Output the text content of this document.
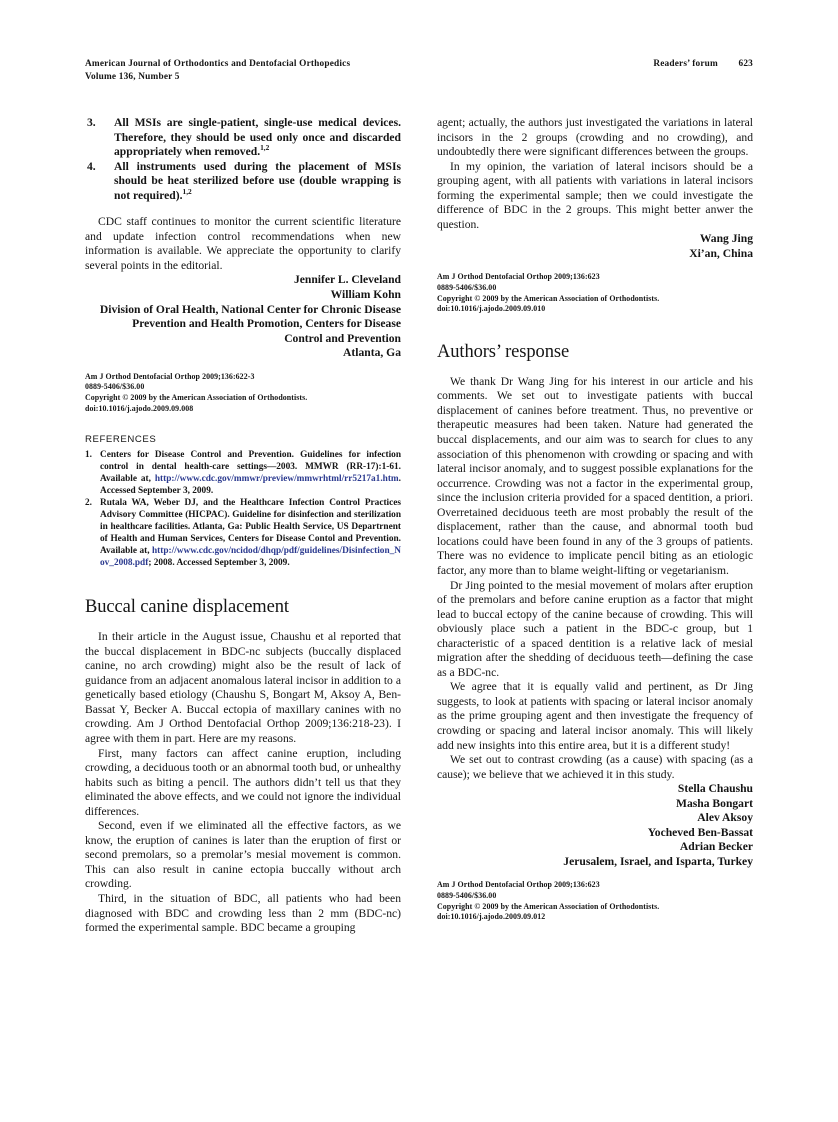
American Journal of Orthodontics and Dentofacial Orthopedics	Readers’ forum 623
Volume 136, Number 5
3. All MSIs are single-patient, single-use medical devices. Therefore, they should be used only once and discarded appropriately when removed.$^{1,2}$
4. All instruments used during the placement of MSIs should be heat sterilized before use (double wrapping is not required).$^{1,2}$

CDC staff continues to monitor the current scientific literature and update infection control recommendations when new information is available. We appreciate the opportunity to clarify several points in the editorial.

Jennifer L. Cleveland
William Kohn
Division of Oral Health, National Center for Chronic Disease
Prevention and Health Promotion, Centers for Disease
Control and Prevention
Atlanta, Ga
Am J Orthod Dentofacial Orthop 2009;136:622-3
0889-5406/$36.00
Copyright © 2009 by the American Association of Orthodontists.
doi:10.1016/j.ajodo.2009.09.008
REFERENCES
1. Centers for Disease Control and Prevention. Guidelines for infection control in dental health-care settings—2003. MMWR (RR-17):1-61. Available at, http://www.cdc.gov/mmwr/preview/mmwrhtml/rr5217a1.htm. Accessed September 3, 2009.
2. Rutala WA, Weber DJ, and the Healthcare Infection Control Practices Advisory Committee (HICPAC). Guideline for disinfection and sterilization in healthcare facilities. Atlanta, Ga: Public Health Service, US Departrnent of Health and Human Services, Centers for Disease Contol and Prevention. Available at, http://www.cdc.gov/ncidod/dhqp/pdf/guidelines/Disinfection_Nov_2008.pdf; 2008. Accessed September 3, 2009.
Buccal canine displacement

In their article in the August issue, Chaushu et al reported that the buccal displacement in BDC-nc subjects (buccally displaced canine, no arch crowding) might also be the result of lack of guidance from an adjacent anomalous lateral incisor in addition to a genetically based etiology (Chaushu S, Bongart M, Aksoy A, Ben-Bassat Y, Becker A. Buccal ectopia of maxillary canines with no crowding. Am J Orthod Dentofacial Orthop 2009;136:218-23). I agree with them in part. Here are my reasons.

First, many factors can affect canine eruption, including crowding, a deciduous tooth or an abnormal tooth bud, or unhealthy habits such as biting a pencil. The authors didn’t tell us that they eliminated the above effects, and we could not ignore the individual differences.

Second, even if we eliminated all the effective factors, as we know, the eruption of canines is later than the eruption of first or second premolars, so a premolar’s mesial movement is common. This can also result in canine ectopia buccally without arch crowding.

Third, in the situation of BDC, all patients who had been diagnosed with BDC and crowding less than 2 mm (BDC-nc) formed the experimental sample. BDC became a grouping

agent; actually, the authors just investigated the variations in lateral incisors in the 2 groups (crowding and no crowding), and undoubtedly there were significant differences between the groups.

In my opinion, the variation of lateral incisors should be a grouping agent, with all patients with variations in lateral incisors forming the experimental sample; then we could investigate the difference of BDC in the 2 groups. This might better anwer the question.

Wang Jing
Xi’an, China
Am J Orthod Dentofacial Orthop 2009;136:623
0889-5406/$36.00
Copyright © 2009 by the American Association of Orthodontists.
doi:10.1016/j.ajodo.2009.09.010
Authors’ response

We thank Dr Wang Jing for his interest in our article and his comments. We set out to investigate patients with buccal displacement of canines before treatment. Thus, no preventive or therapeutic measures had been taken. Nature had generated the buccal displacements, and our aim was to search for clues to any association of this phenomenon with crowding or spacing and with lateral incisor anomaly, and to suggest possible explanations for the occurrence. Crowding was not a factor in the experimental group, since the inclusion criteria provided for a spaced dentition, a priori. Overretained deciduous teeth are most probably the result of the displacement, rather than the cause, and abnormal tooth bud locations could have been found in any of the 3 groups of patients. There was no evidence to implicate pencil biting as an etiologic factor, any more than to blame weight-lifting or vegetarianism.

Dr Jing pointed to the mesial movement of molars after eruption of the premolars and before canine eruption as a factor that might lead to buccal ectopy of the canine because of crowding. This will obviously place such a patient in the BDC-c group, but 1 characteristic of a spaced dentition is a relative lack of mesial migration after the shedding of deciduous teeth—defining the case as a BDC-nc.

We agree that it is equally valid and pertinent, as Dr Jing suggests, to look at patients with spacing or lateral incisor anomaly as the prime grouping agent and then investigate the frequency of crowding or spacing and lateral incisor anomaly. This will likely add new insights into this entire area, but it is a different study!

We set out to contrast crowding (as a cause) with spacing (as a cause); we believe that we achieved it in this study.

Stella Chaushu
Masha Bongart
Alev Aksoy
Yocheved Ben-Bassat
Adrian Becker
Jerusalem, Israel, and Isparta, Turkey
Am J Orthod Dentofacial Orthop 2009;136:623
0889-5406/$36.00
Copyright © 2009 by the American Association of Orthodontists.
doi:10.1016/j.ajodo.2009.09.012
